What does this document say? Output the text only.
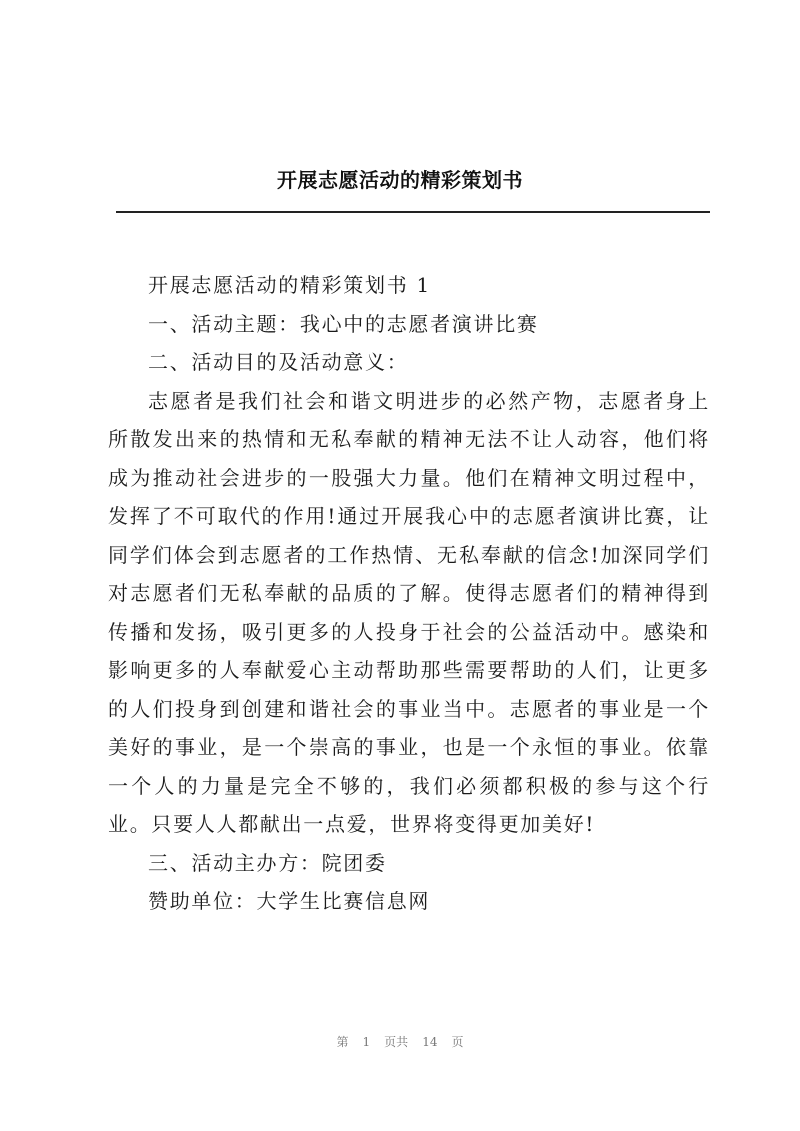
开展志愿活动的精彩策划书

开展志愿活动的精彩策划书 1

一、活动主题：我心中的志愿者演讲比赛

二、活动目的及活动意义：

志愿者是我们社会和谐文明进步的必然产物，志愿者身上所散发出来的热情和无私奉献的精神无法不让人动容，他们将成为推动社会进步的一股强大力量。他们在精神文明过程中，发挥了不可取代的作用!通过开展我心中的志愿者演讲比赛，让同学们体会到志愿者的工作热情、无私奉献的信念!加深同学们对志愿者们无私奉献的品质的了解。使得志愿者们的精神得到传播和发扬，吸引更多的人投身于社会的公益活动中。感染和影响更多的人奉献爱心主动帮助那些需要帮助的人们，让更多的人们投身到创建和谐社会的事业当中。志愿者的事业是一个美好的事业，是一个崇高的事业，也是一个永恒的事业。依靠一个人的力量是完全不够的，我们必须都积极的参与这个行业。只要人人都献出一点爱，世界将变得更加美好!

三、活动主办方：院团委

赞助单位：大学生比赛信息网

第 1 页共 14 页
